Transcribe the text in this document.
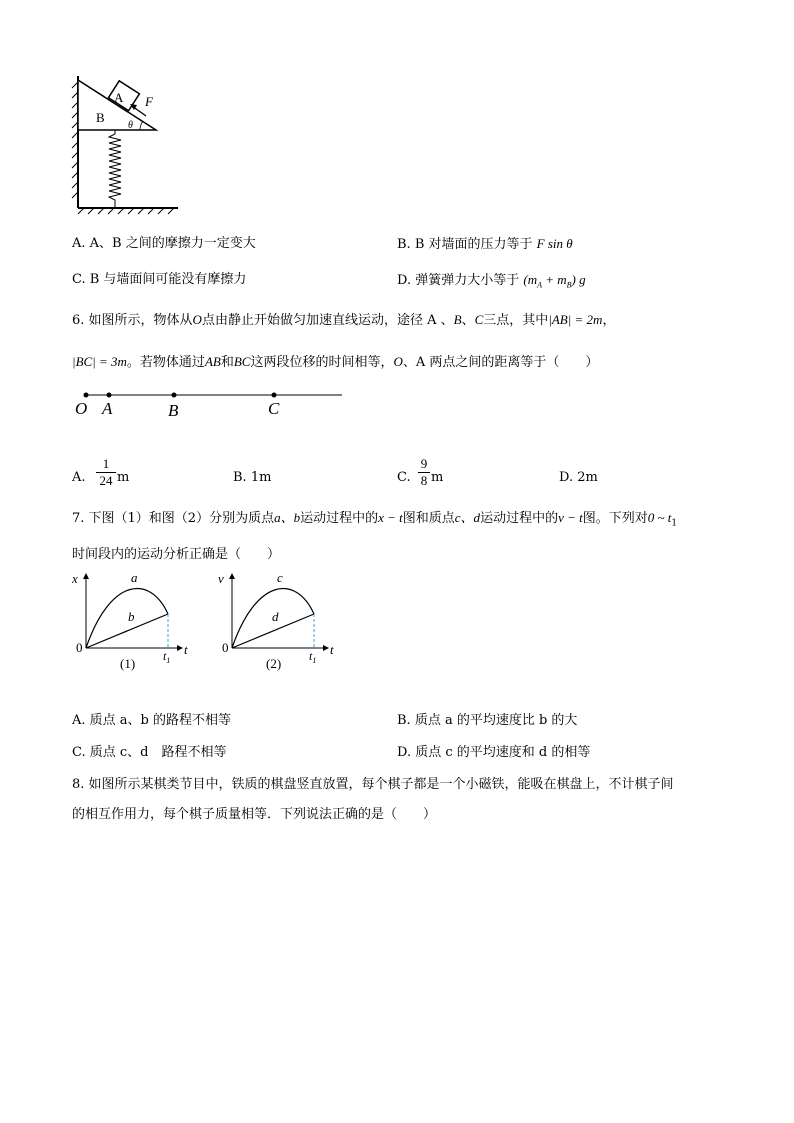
A
B
F
θ
A. A、B 之间的摩擦力一定变大	B. B 对墙面的压力等于 F sin θ
C. B 与墙面间可能没有摩擦力	D. 弹簧弹力大小等于 $(m_A + m_B)$ g
6. 如图所示，物体从O点由静止开始做匀加速直线运动，途径 A 、B、C三点，其中|AB| = 2m，
|BC| = 3m。若物体通过AB和BC这两段位移的时间相等，O、A 两点之间的距离等于（　　）
O A	B	C
A.
1
24 m	B. 1m	C.
9
8 m	D. 2m
7. 下图（1）和图（2）分别为质点a、b运动过程中的x − t图和质点c、d运动过程中的v − t图。下列对0 ~ $t_1$
时间段内的运动分析正确是（　　）
x
t
0
a
b
$t_1$
(1)
v
t
0
c
d
$t_1$
(2)
A. 质点 a、b 的路程不相等	B. 质点 a 的平均速度比 b 的大
C. 质点 c、d　路程不相等	D. 质点 c 的平均速度和 d 的相等
8. 如图所示某棋类节目中，铁质的棋盘竖直放置，每个棋子都是一个小磁铁，能吸在棋盘上，不计棋子间
的相互作用力，每个棋子质量相等．下列说法正确的是（　　）
